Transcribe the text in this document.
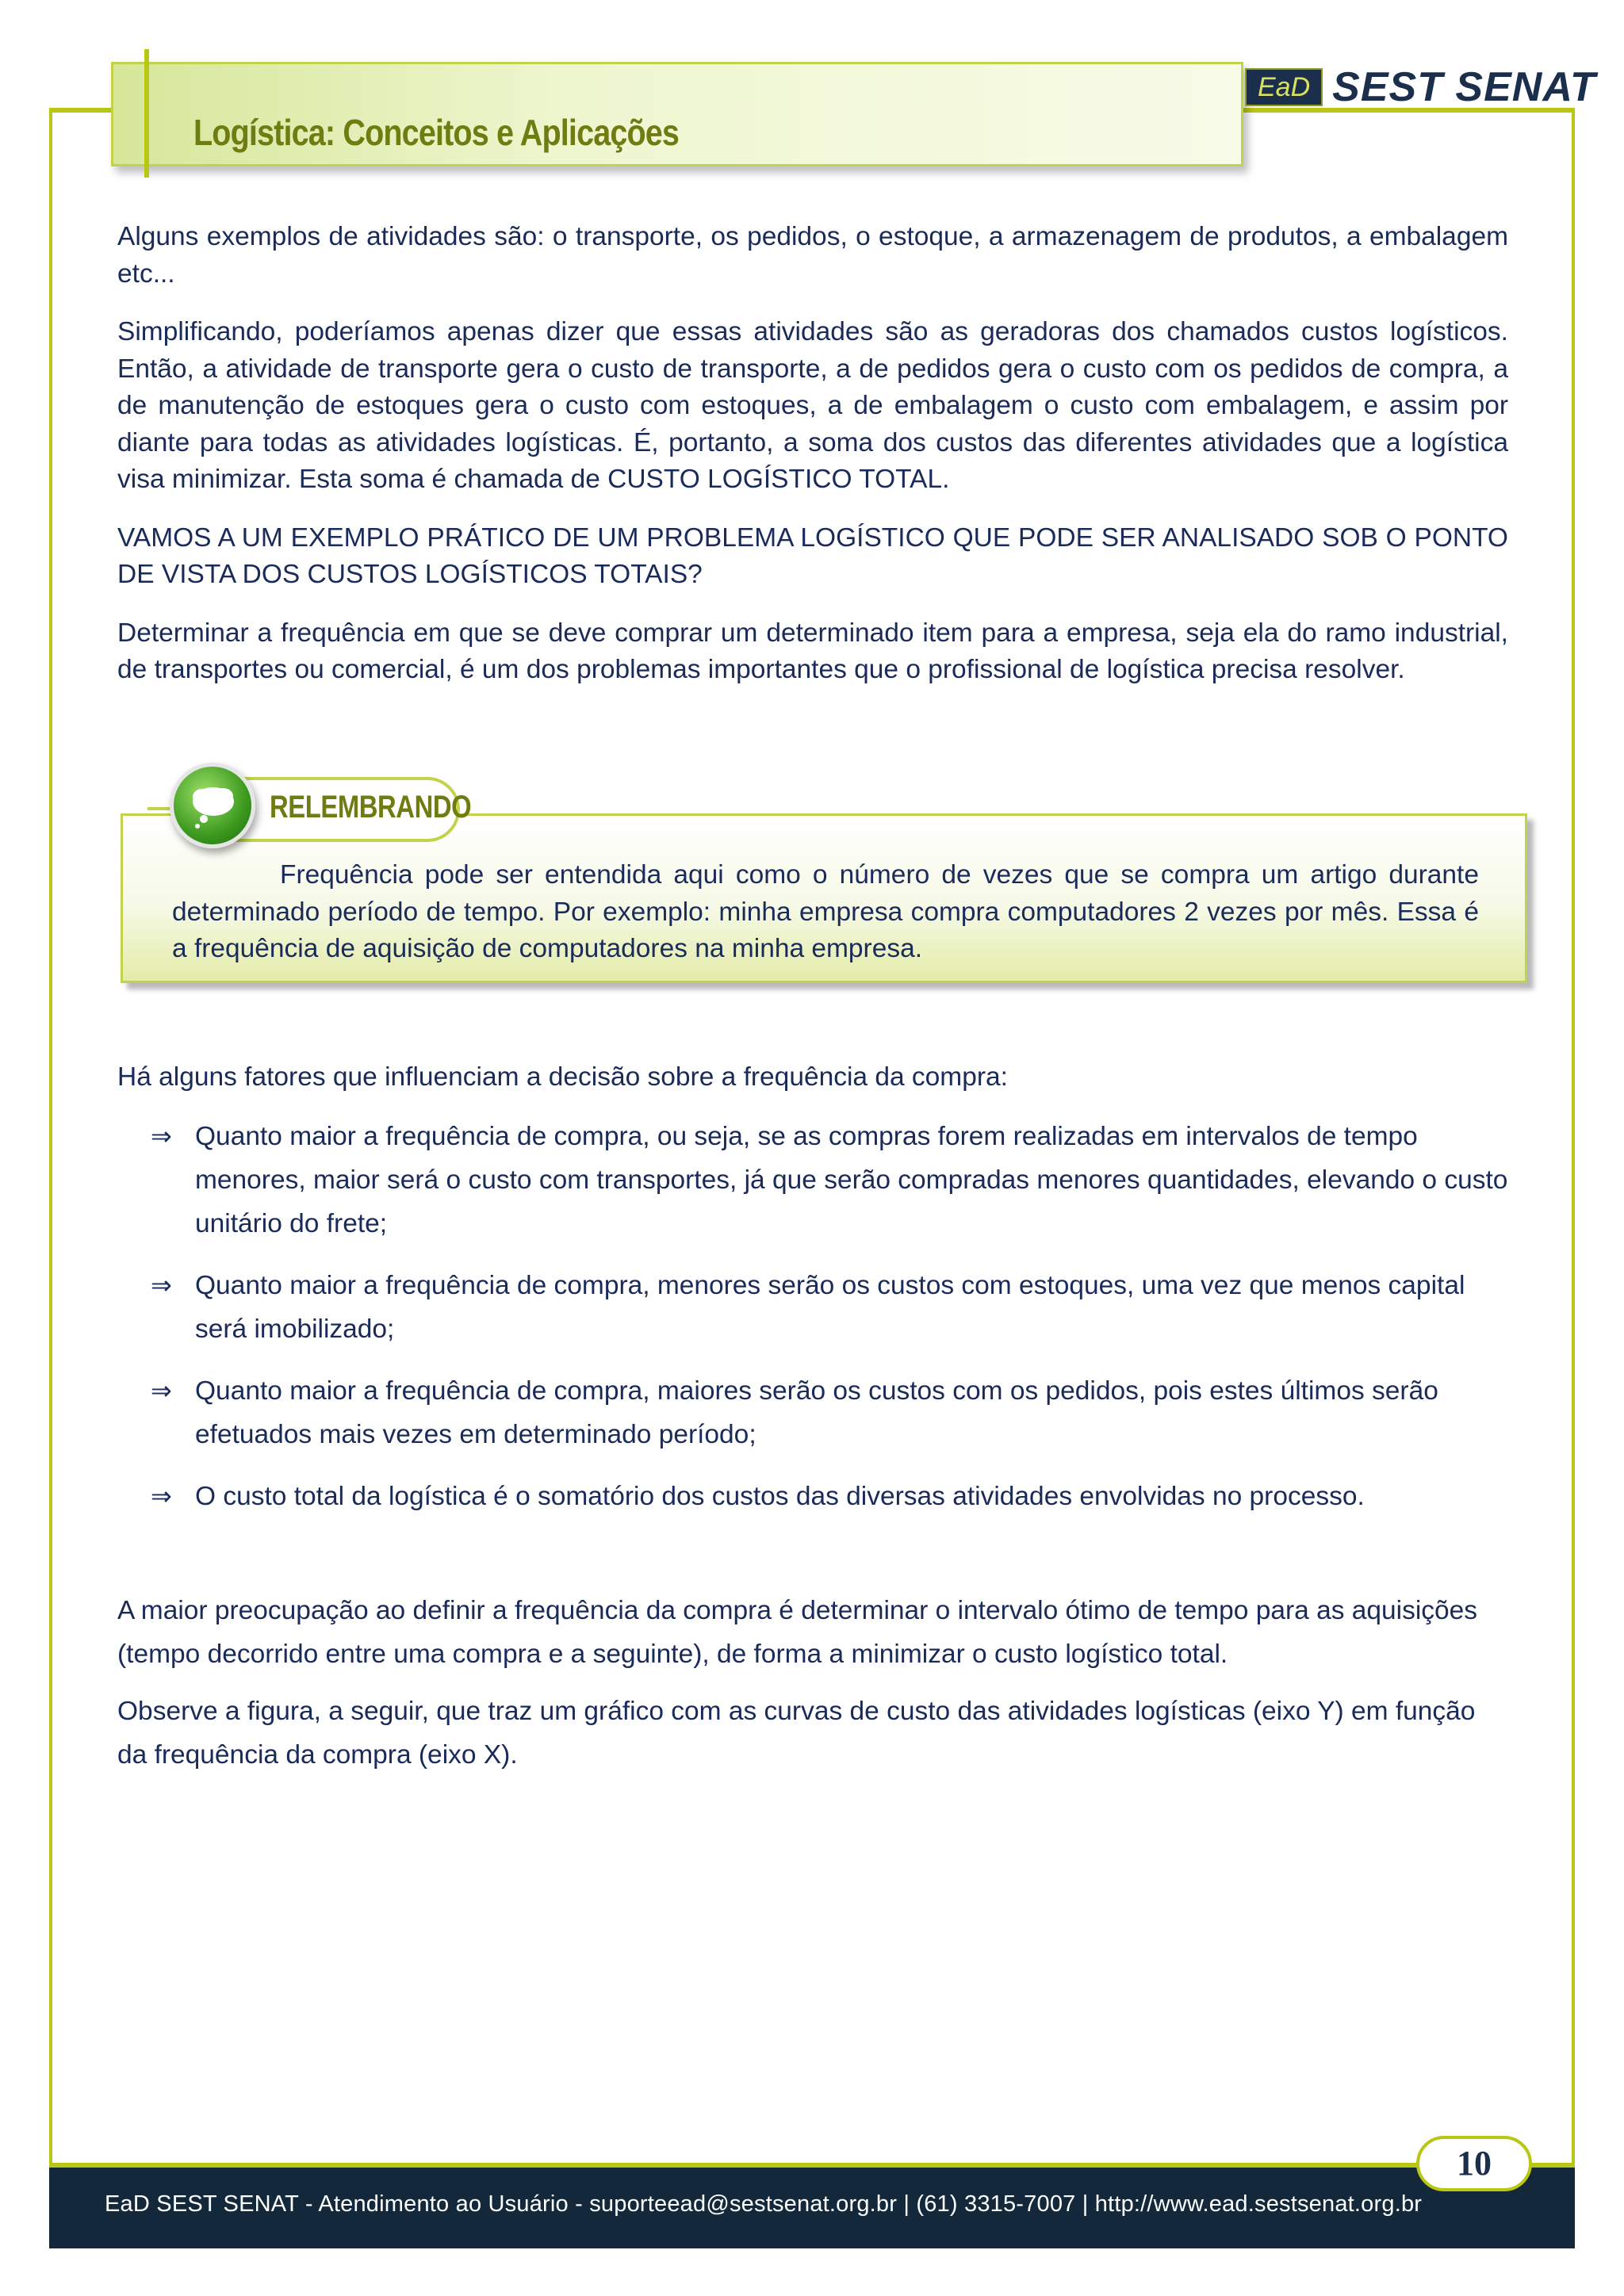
Logística: Conceitos e Aplicações
EaD SEST SENAT

Alguns exemplos de atividades são: o transporte, os pedidos, o estoque, a armazenagem de produtos, a embalagem etc...

Simplificando, poderíamos apenas dizer que essas atividades são as geradoras dos chamados custos logísticos. Então, a atividade de transporte gera o custo de transporte, a de pedidos gera o custo com os pedidos de compra, a de manutenção de estoques gera o custo com estoques, a de embalagem o custo com embalagem, e assim por diante para todas as atividades logísticas. É, portanto, a soma dos custos das diferentes atividades que a logística visa minimizar. Esta soma é chamada de CUSTO LOGÍSTICO TOTAL.

VAMOS A UM EXEMPLO PRÁTICO DE UM PROBLEMA LOGÍSTICO QUE PODE SER ANALISADO SOB O PONTO DE VISTA DOS CUSTOS LOGÍSTICOS TOTAIS?

Determinar a frequência em que se deve comprar um determinado item para a empresa, seja ela do ramo industrial, de transportes ou comercial, é um dos problemas importantes que o profissional de logística precisa resolver.

Frequência pode ser entendida aqui como o número de vezes que se compra um artigo durante determinado período de tempo. Por exemplo: minha empresa compra computadores 2 vezes por mês. Essa é a frequência de aquisição de computadores na minha empresa.
RELEMBRANDO

Há alguns fatores que influenciam a decisão sobre a frequência da compra:

⇒ Quanto maior a frequência de compra, ou seja, se as compras forem realizadas em intervalos de tempo menores, maior será o custo com transportes, já que serão compradas menores quantidades, elevando o custo unitário do frete;
⇒ Quanto maior a frequência de compra, menores serão os custos com estoques, uma vez que menos capital será imobilizado;
⇒ Quanto maior a frequência de compra, maiores serão os custos com os pedidos, pois estes últimos serão efetuados mais vezes em determinado período;
⇒ O custo total da logística é o somatório dos custos das diversas atividades envolvidas no processo.

A maior preocupação ao definir a frequência da compra é determinar o intervalo ótimo de tempo para as aquisições (tempo decorrido entre uma compra e a seguinte), de forma a minimizar o custo logístico total.

Observe a figura, a seguir, que traz um gráfico com as curvas de custo das atividades logísticas (eixo Y) em função da frequência da compra (eixo X).

EaD SEST SENAT - Atendimento ao Usuário - suporteead@sestsenat.org.br | (61) 3315-7007 | http://www.ead.sestsenat.org.br
10
